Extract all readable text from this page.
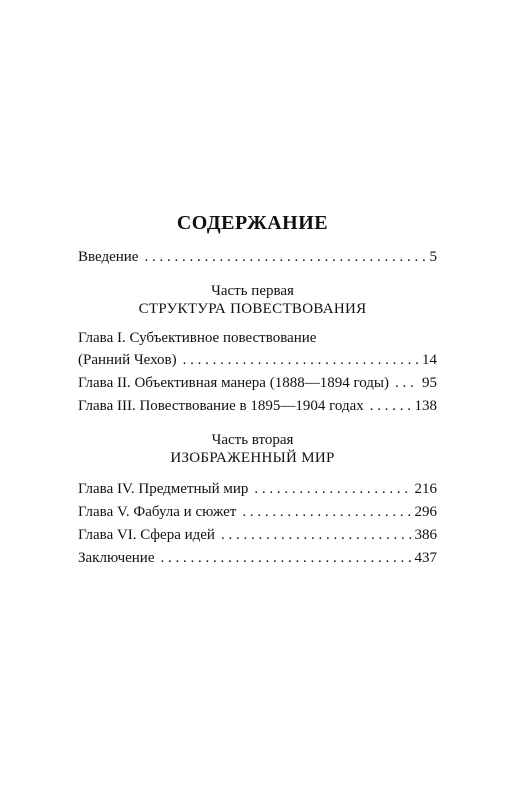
СОДЕРЖАНИЕ
Введение . . .	5
Часть первая
СТРУКТУРА ПОВЕСТВОВАНИЯ
Глава I. Субъективное повествование
(Ранний Чехов) . . .	14
Глава II. Объективная манера (1888—1894 годы) . . . 95
Глава III. Повествование в 1895—1904 годах . . .	138
Часть вторая
ИЗОБРАЖЕННЫЙ МИР
Глава IV. Предметный мир . . .	216
Глава V. Фабула и сюжет . . .	296
Глава VI. Сфера идей . . .	386
Заключение . . .	437
